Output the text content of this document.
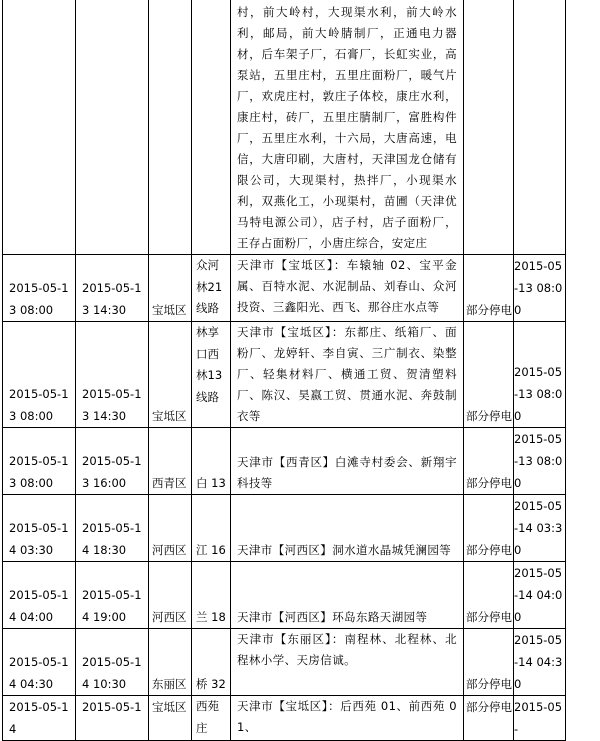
				村，前大岭村，大现渠水利，前大岭水利，邮局，前大岭腈制厂，正通电力器材，后车架子厂，石膏厂，长虹实业，高泵站，五里庄村，五里庄面粉厂，暖气片厂，欢虎庄村，敦庄子体校，康庄水利，康庄村，砖厂，五里庄腈制厂，富胜构件厂，五里庄水利，十六局，大唐高速，电信，大唐印刷，大唐村，天津国龙仓储有限公司，大现渠村，热拌厂，小现渠水利，双燕化工，小现渠村，苗圃（天津优马特电源公司），店子村，店子面粉厂，王存占面粉厂，小唐庄综合，安定庄		
2015-05-13 08:00	2015-05-13 14:30	宝坻区	众河林21线路	天津市【宝坻区】：车辕轴 02、宝平金属、百特水泥、水泥制品、刘春山、众河投资、三鑫阳光、西飞、那谷庄水点等	部分停电	2015-05-13 08:00
2015-05-13 08:00	2015-05-13 14:30	宝坻区	林享口西林13线路	天津市【宝坻区】：东都庄、纸箱厂、面粉厂、龙婷轩、李自寅、三广制衣、染整厂、轻集材料厂、横通工贸、贺清塑料厂、陈汉、昊嬴工贸、贯通水泥、奔鼓制衣等	部分停电	2015-05-13 08:00
2015-05-13 08:00	2015-05-13 16:00	西青区	白 13	天津市【西青区】白滩寺村委会、新翔宇科技等	部分停电	2015-05-13 08:00
2015-05-14 03:30	2015-05-14 18:30	河西区	江 16	天津市【河西区】洞水道水晶城凭澜园等	部分停电	2015-05-14 03:30
2015-05-14 04:00	2015-05-14 19:00	河西区	兰 18	天津市【河西区】环岛东路天湖园等	部分停电	2015-05-14 04:00
2015-05-14 04:30	2015-05-14 10:30	东丽区	桥 32	天津市【东丽区】：南程林、北程林、北程林小学、天房信诚。	部分停电	2015-05-14 04:30
2015-05-14	2015-05-1	宝坻区	西苑庄	天津市【宝坻区】：后西苑 01、前西苑 01、	部分停电	2015-05-
